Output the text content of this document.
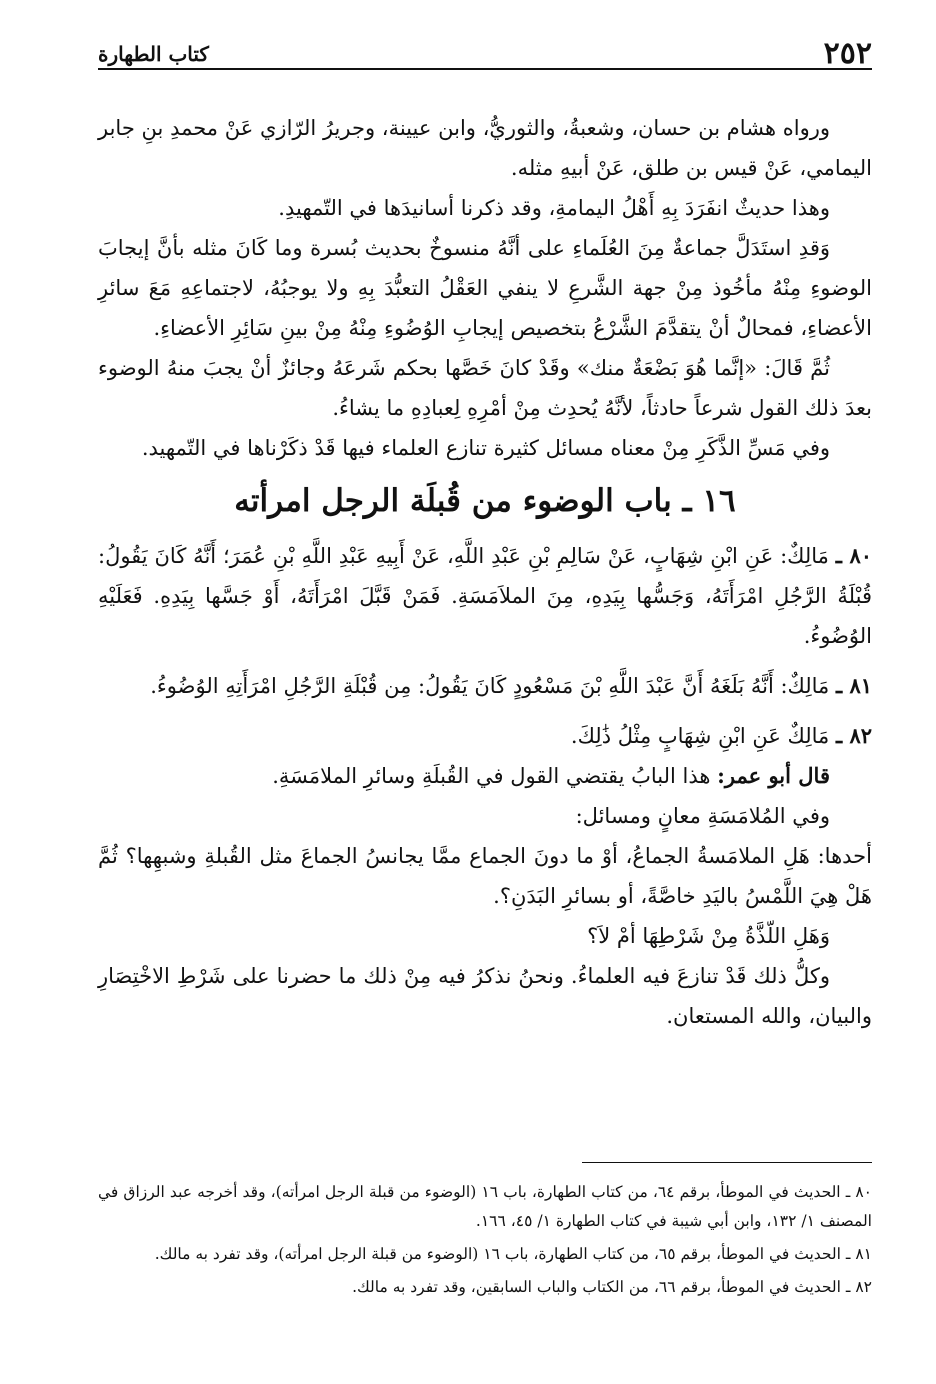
٢٥٢
كتاب الطهارة

ورواه هشام بن حسان، وشعبةُ، والثوريُّ، وابن عيينة، وجريرُ الرّازي عَنْ محمدِ بنِ جابر اليمامي، عَنْ قيس بن طلق، عَنْ أبيهِ مثله.

وهذا حديثٌ انفَرَدَ بِهِ أَهْلُ اليمامةِ، وقد ذكرنا أسانيدَها في التّمهيدِ.

وَقدِ استَدَلَّ جماعةٌ مِنَ العُلَماءِ على أنَّهُ منسوخٌ بحديث بُسرة وما كَانَ مثله بأنَّ إيجابَ الوضوءِ مِنْهُ مأخُوذ مِنْ جهة الشَّرعِ لا ينفي العَقْلُ التعبُّدَ بِهِ ولا يوجبُهُ، لاجتماعِهِ مَعَ سائرِ الأعضاءِ، فمحالٌ أنْ يتقدَّمَ الشَّرْعُ بتخصيص إيجابِ الوُضُوءِ مِنْهُ مِنْ بينِ سَائِرِ الأعضاءِ.

ثُمَّ قَالَ: «إنَّما هُوَ بَضْعَةٌ منك» وقَدْ كانَ خَصَّها بحكم شَرعَهُ وجائزٌ أنْ يجبَ منهُ الوضوء بعدَ ذلك القول شرعاً حادثاً، لأنَّهُ يُحدِث مِنْ أمْرِهِ لِعبادِهِ ما يشاءُ.

وفي مَسِّ الذَّكَرِ مِنْ معناه مسائل كثيرة تنازع العلماء فيها قَدْ ذكَرْناها في التّمهيد.

١٦ ـ باب الوضوء من قُبلَة الرجل امرأته

٨٠ ـ مَالِكٌ: عَنِ ابْنِ شِهَابٍ، عَنْ سَالِمِ بْنِ عَبْدِ اللَّهِ، عَنْ أَبِيهِ عَبْدِ اللَّهِ بْنِ عُمَرَ؛ أَنَّهُ كَانَ يَقُولُ: قُبْلَةُ الرَّجُلِ امْرَأَتَهُ، وَجَسُّها بِيَدِهِ، مِنَ الملاَمَسَةِ. فَمَنْ قَبَّلَ امْرَأَتَهُ، أَوْ جَسَّها بِيَدِهِ. فَعَلَيْهِ الوُضُوءُ.

٨١ ـ مَالِكٌ: أَنَّهُ بَلَغَهُ أَنَّ عَبْدَ اللَّهِ بْنَ مَسْعُودٍ كَانَ يَقُولُ: مِن قُبْلَةِ الرَّجُلِ امْرَأَتِهِ الوُضُوءُ.

٨٢ ـ مَالِكٌ عَنِ ابْنِ شِهَابٍ مِثْلُ ذَٰلِكَ.

قال أبو عمر: هذا البابُ يقتضي القول في القُبلَةِ وسائرِ الملامَسَةِ.

وفي المُلامَسَةِ معانٍ ومسائل:

أحدها: هَلِ الملامَسةُ الجماعُ، أوْ ما دونَ الجماع ممَّا يجانسُ الجماعَ مثل القُبلةِ وشبهِها؟ ثُمَّ هَلْ هِيَ اللَّمْسُ باليَدِ خاصَّةً، أو بسائرِ البَدَنِ؟.

وَهَلِ اللّذَّةُ مِنْ شَرْطِهَا أمْ لاَ؟

وكلُّ ذلك قَدْ تنازعَ فيه العلماءُ. ونحنُ نذكرُ فيه مِنْ ذلك ما حضرنا على شَرْطِ الاخْتِصَارِ والبيان، والله المستعان.

٨٠ ـ الحديث في الموطأ، برقم ٦٤، من كتاب الطهارة، باب ١٦ (الوضوء من قبلة الرجل امرأته)، وقد أخرجه عبد الرزاق في المصنف ١/ ١٣٢، وابن أبي شيبة في كتاب الطهارة ١/ ٤٥، ١٦٦.

٨١ ـ الحديث في الموطأ، برقم ٦٥، من كتاب الطهارة، باب ١٦ (الوضوء من قبلة الرجل امرأته)، وقد تفرد به مالك.

٨٢ ـ الحديث في الموطأ، برقم ٦٦، من الكتاب والباب السابقين، وقد تفرد به مالك.
